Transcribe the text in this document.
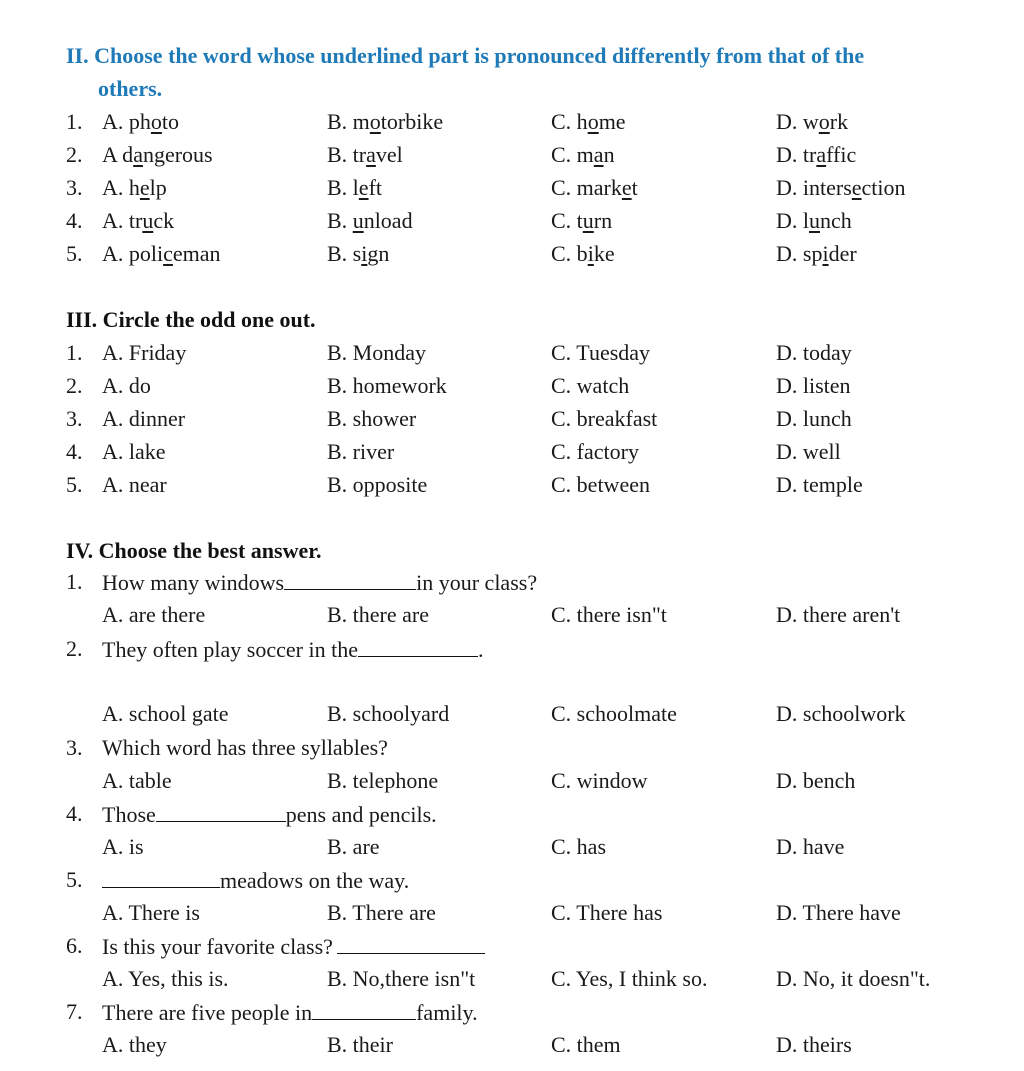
II. Choose the word whose underlined part is pronounced differently from that of the
others.
1. A. photo	B. motorbike	C. home	D. work
2. A dangerous	B. travel	C. man	D. traffic
3. A. help	B. left	C. market	D. intersection
4. A. truck	B. unload	C. turn	D. lunch
5. A. policeman	B. sign	C. bike	D. spider
III. Circle the odd one out.
1. A. Friday	B. Monday	C. Tuesday	D. today
2. A. do	B. homework	C. watch	D. listen
3. A. dinner	B. shower	C. breakfast	D. lunch
4. A. lake	B. river	C. factory	D. well
5. A. near	B. opposite	C. between	D. temple
IV. Choose the best answer.
1. How many windows	in your class?
A. are there	B. there are	C. there isn"t	D. there aren't
2. They often play soccer in the	.
A. school gate	B. schoolyard	C. schoolmate	D. schoolwork
3. Which word has three syllables?
A. table	B. telephone	C. window	D. bench
4. Those	pens and pencils.
A. is	B. are	C. has	D. have
5.	meadows on the way.
A. There is	B. There are	C. There has	D. There have
6. Is this your favorite class?
A. Yes, this is.	B. No,there isn"t	C. Yes, I think so.	D. No, it doesn"t.
7. There are five people in	family.
A. they	B. their	C. them	D. theirs
